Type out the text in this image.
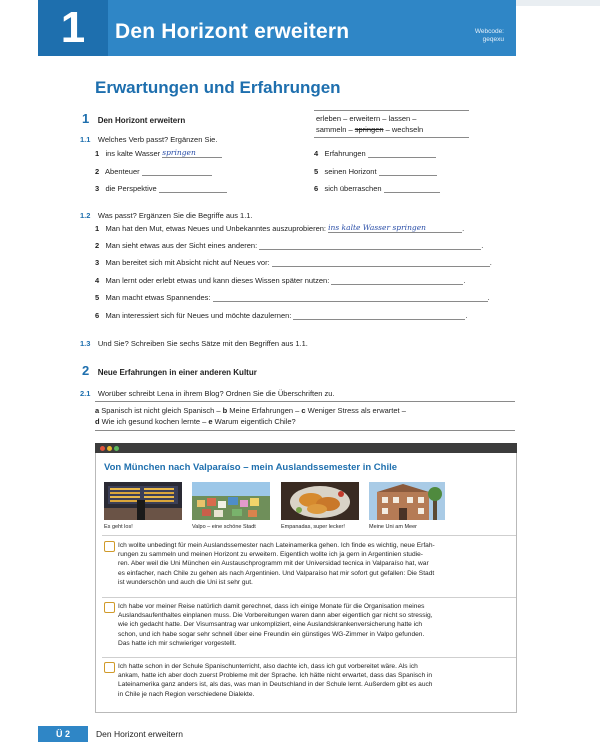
1	Den Horizont erweitern	Webcode:
geqexu
Erwartungen und Erfahrungen
1 Den Horizont erweitern	erleben – erweitern – lassen –
sammeln – springen – wechseln
1.1 Welches Verb passt? Ergänzen Sie.
1 ins kalte Wasser springen
2 Abenteuer
3 die Perspektive
4 Erfahrungen
5 seinen Horizont
6 sich überraschen
1.2 Was passt? Ergänzen Sie die Begriffe aus 1.1.
1 Man hat den Mut, etwas Neues und Unbekanntes auszuprobieren: ins kalte Wasser springen	.
2 Man sieht etwas aus der Sicht eines anderen:	.
3 Man bereitet sich mit Absicht nicht auf Neues vor:	.
4 Man lernt oder erlebt etwas und kann dieses Wissen später nutzen:	.
5 Man macht etwas Spannendes:	.
6 Man interessiert sich für Neues und möchte dazulernen:	.
1.3 Und Sie? Schreiben Sie sechs Sätze mit den Begriffen aus 1.1.
2 Neue Erfahrungen in einer anderen Kultur
2.1 Worüber schreibt Lena in ihrem Blog? Ordnen Sie die Überschriften zu.
a Spanisch ist nicht gleich Spanisch – b Meine Erfahrungen – c Weniger Stress als erwartet –
d Wie ich gesund kochen lernte – e Warum eigentlich Chile?
Von München nach Valparaíso – mein Auslandssemester in Chile
Es geht los!	Valpo – eine schöne Stadt	Empanadas, super lecker!	Meine Uni am Meer
Ich wollte unbedingt für mein Auslandssemester nach Lateinamerika gehen. Ich finde es wichtig, neue Erfah-
rungen zu sammeln und meinen Horizont zu erweitern. Eigentlich wollte ich ja gern in Argentinien studie-
ren. Aber weil die Uni München ein Austauschprogramm mit der Universidad tecnica in Valparaíso hat, war
es einfacher, nach Chile zu gehen als nach Argentinien. Und Valparaíso hat mir sofort gut gefallen: Die Stadt
ist wunderschön und auch die Uni ist sehr gut.
Ich habe vor meiner Reise natürlich damit gerechnet, dass ich einige Monate für die Organisation meines
Auslandsaufenthaltes einplanen muss. Die Vorbereitungen waren dann aber eigentlich gar nicht so stressig,
wie ich gedacht hatte. Der Visumsantrag war unkompliziert, eine Auslandskrankenversicherung hatte ich
schon, und ich habe sogar sehr schnell über eine Freundin ein günstiges WG-Zimmer in Valpo gefunden.
Das hatte ich mir schwieriger vorgestellt.
Ich hatte schon in der Schule Spanischunterricht, also dachte ich, dass ich gut vorbereitet wäre. Als ich
ankam, hatte ich aber doch zuerst Probleme mit der Sprache. Ich hätte nicht erwartet, dass das Spanisch in
Lateinamerika ganz anders ist, als das, was man in Deutschland in der Schule lernt. Außerdem gibt es auch
in Chile je nach Region verschiedene Dialekte.
Ü 2	Den Horizont erweitern
